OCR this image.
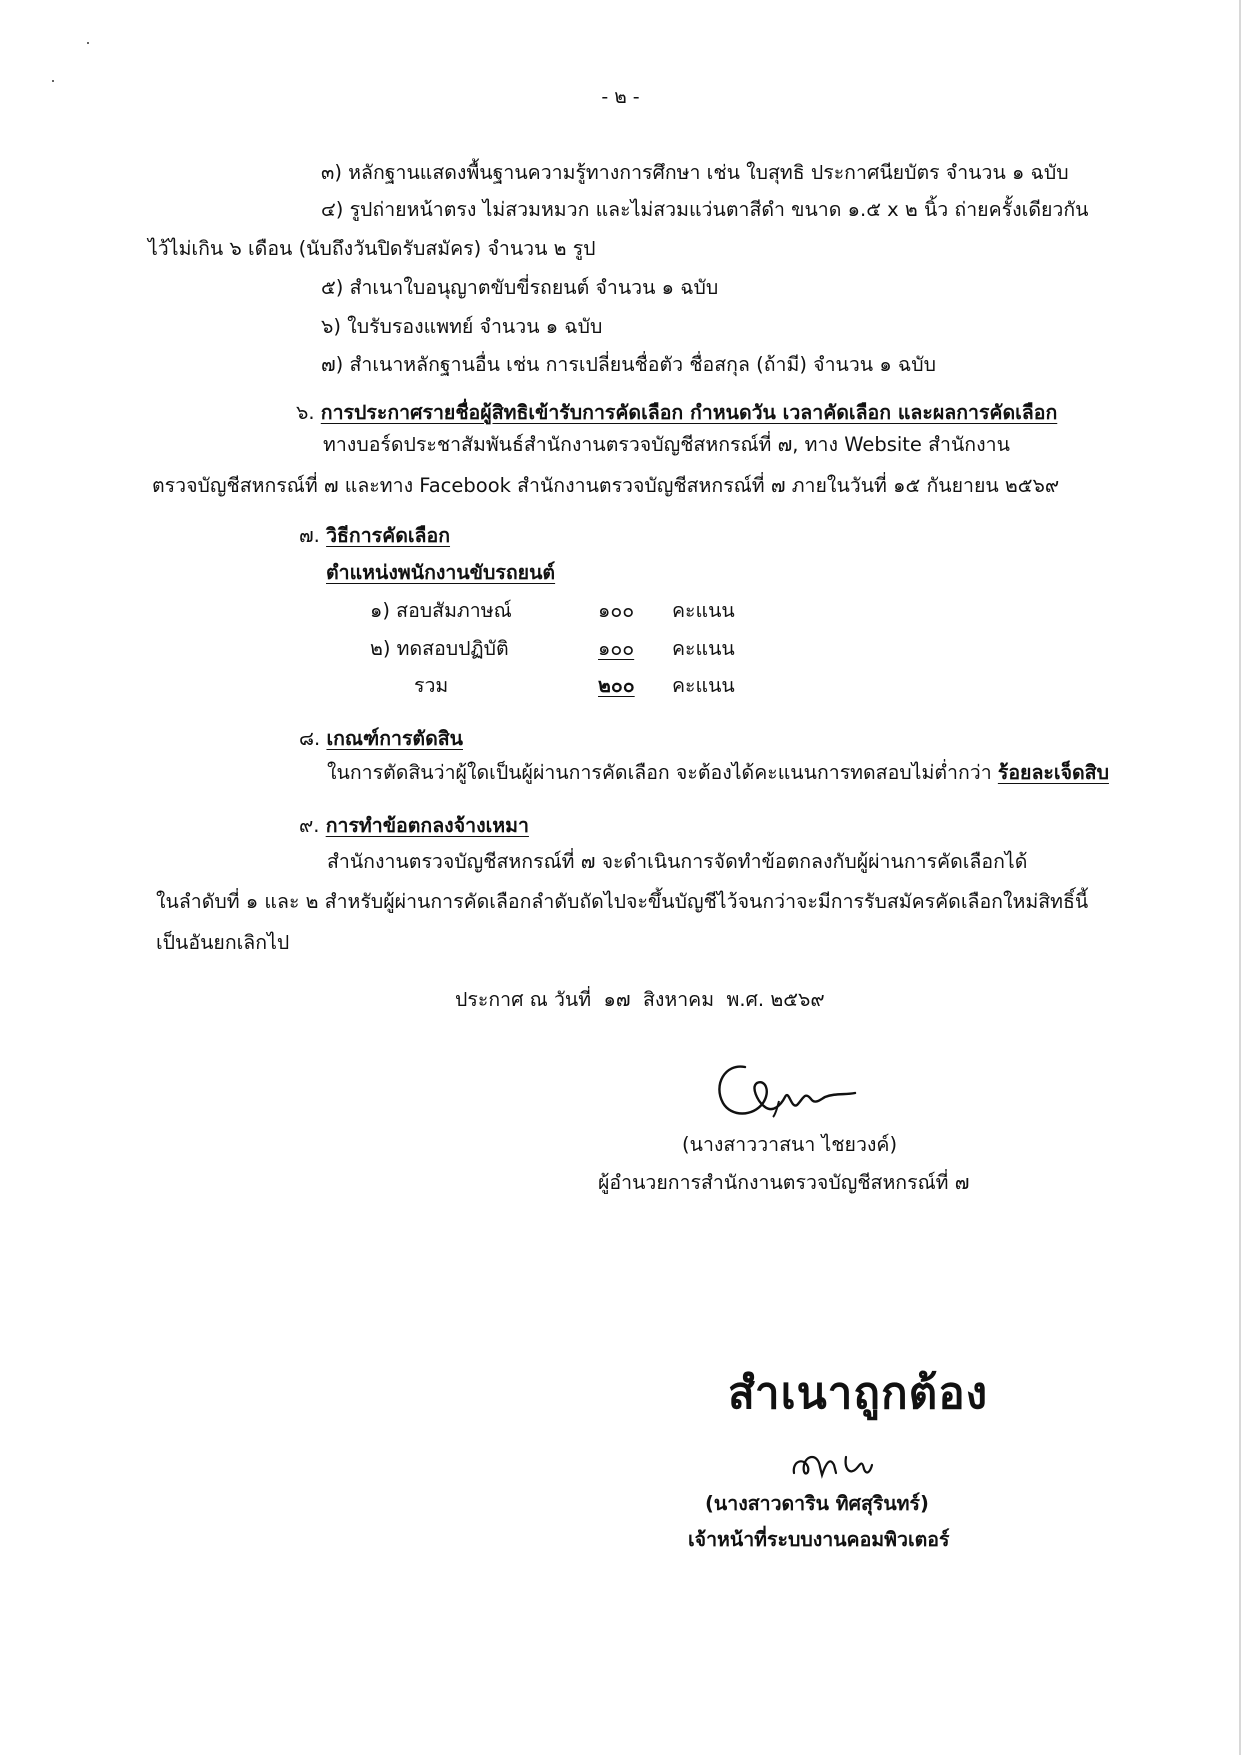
- ๒ -
๓) หลักฐานแสดงพื้นฐานความรู้ทางการศึกษา เช่น ใบสุทธิ ประกาศนียบัตร จำนวน ๑ ฉบับ
๔) รูปถ่ายหน้าตรง ไม่สวมหมวก และไม่สวมแว่นตาสีดำ ขนาด ๑.๕ x ๒ นิ้ว ถ่ายครั้งเดียวกัน
ไว้ไม่เกิน ๖ เดือน (นับถึงวันปิดรับสมัคร) จำนวน ๒ รูป
๕) สำเนาใบอนุญาตขับขี่รถยนต์ จำนวน ๑ ฉบับ
๖) ใบรับรองแพทย์ จำนวน ๑ ฉบับ
๗) สำเนาหลักฐานอื่น เช่น การเปลี่ยนชื่อตัว ชื่อสกุล (ถ้ามี) จำนวน ๑ ฉบับ
๖. การประกาศรายชื่อผู้สิทธิเข้ารับการคัดเลือก กำหนดวัน เวลาคัดเลือก และผลการคัดเลือก
ทางบอร์ดประชาสัมพันธ์สำนักงานตรวจบัญชีสหกรณ์ที่ ๗, ทาง Website สำนักงาน
ตรวจบัญชีสหกรณ์ที่ ๗ และทาง Facebook สำนักงานตรวจบัญชีสหกรณ์ที่ ๗ ภายในวันที่ ๑๕ กันยายน ๒๕๖๙
๗. วิธีการคัดเลือก
ตำแหน่งพนักงานขับรถยนต์
๑) สอบสัมภาษณ์	๑๐๐ คะแนน
๒) ทดสอบปฏิบัติ	๑๐๐ คะแนน
รวม	๒๐๐ คะแนน
๘. เกณฑ์การตัดสิน
ในการตัดสินว่าผู้ใดเป็นผู้ผ่านการคัดเลือก จะต้องได้คะแนนการทดสอบไม่ต่ำกว่า ร้อยละเจ็ดสิบ
๙. การทำข้อตกลงจ้างเหมา
สำนักงานตรวจบัญชีสหกรณ์ที่ ๗ จะดำเนินการจัดทำข้อตกลงกับผู้ผ่านการคัดเลือกได้
ในลำดับที่ ๑ และ ๒ สำหรับผู้ผ่านการคัดเลือกลำดับถัดไปจะขึ้นบัญชีไว้จนกว่าจะมีการรับสมัครคัดเลือกใหม่สิทธิ์นี้
เป็นอันยกเลิกไป
ประกาศ ณ วันที่ ๑๗ สิงหาคม พ.ศ. ๒๕๖๙
(นางสาววาสนา ไชยวงค์)
ผู้อำนวยการสำนักงานตรวจบัญชีสหกรณ์ที่ ๗
สำเนาถูกต้อง
(นางสาวดาริน ทิศสุรินทร์)
เจ้าหน้าที่ระบบงานคอมพิวเตอร์
